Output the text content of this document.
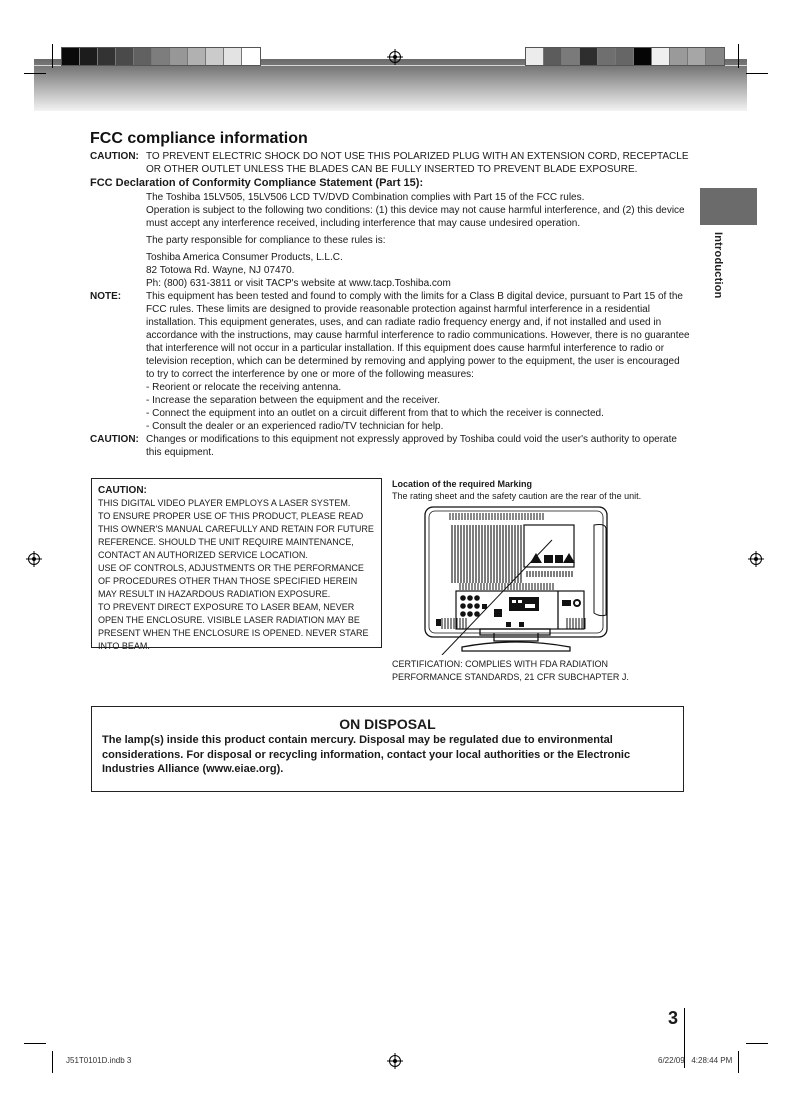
Introduction
FCC compliance information
CAUTION: TO PREVENT ELECTRIC SHOCK DO NOT USE THIS POLARIZED PLUG WITH AN EXTENSION CORD, RECEPTACLE OR OTHER OUTLET UNLESS THE BLADES CAN BE FULLY INSERTED TO PREVENT BLADE EXPOSURE.
FCC Declaration of Conformity Compliance Statement (Part 15):

The Toshiba 15LV505, 15LV506 LCD TV/DVD Combination complies with Part 15 of the FCC rules.

Operation is subject to the following two conditions: (1) this device may not cause harmful interference, and (2) this device must accept any interference received, including interference that may cause undesired operation.

The party responsible for compliance to these rules is:

Toshiba America Consumer Products, L.L.C.

82 Totowa Rd. Wayne, NJ 07470.

Ph: (800) 631-3811 or visit TACP's website at www.tacp.Toshiba.com

NOTE:	This equipment has been tested and found to comply with the limits for a Class B digital device, pursuant to Part 15 of the FCC rules. These limits are designed to provide reasonable protection against harmful interference in a residential installation. This equipment generates, uses, and can radiate radio frequency energy and, if not installed and used in accordance with the instructions, may cause harmful interference to radio communications. However, there is no guarantee that interference will not occur in a particular installation. If this equipment does cause harmful interference to radio or television reception, which can be determined by removing and applying power to the equipment, the user is encouraged to try to correct the interference by one or more of the following measures:
- Reorient or relocate the receiving antenna.
- Increase the separation between the equipment and the receiver.
- Connect the equipment into an outlet on a circuit different from that to which the receiver is connected.
- Consult the dealer or an experienced radio/TV technician for help.
CAUTION: Changes or modifications to this equipment not expressly approved by Toshiba could void the user's authority to operate this equipment.
CAUTION:

THIS DIGITAL VIDEO PLAYER EMPLOYS A LASER SYSTEM.

TO ENSURE PROPER USE OF THIS PRODUCT, PLEASE READ THIS OWNER'S MANUAL CAREFULLY AND RETAIN FOR FUTURE REFERENCE. SHOULD THE UNIT REQUIRE MAINTENANCE, CONTACT AN AUTHORIZED SERVICE LOCATION.

USE OF CONTROLS, ADJUSTMENTS OR THE PERFORMANCE OF PROCEDURES OTHER THAN THOSE SPECIFIED HEREIN MAY RESULT IN HAZARDOUS RADIATION EXPOSURE.

TO PREVENT DIRECT EXPOSURE TO LASER BEAM, NEVER OPEN THE ENCLOSURE. VISIBLE LASER RADIATION MAY BE PRESENT WHEN THE ENCLOSURE IS OPENED. NEVER STARE INTO BEAM.

Location of the required Marking
The rating sheet and the safety caution are the rear of the unit.
CERTIFICATION: COMPLIES WITH FDA RADIATION
PERFORMANCE STANDARDS, 21 CFR SUBCHAPTER J.
ON DISPOSAL
The lamp(s) inside this product contain mercury. Disposal may be regulated due to environmental considerations. For disposal or recycling information, contact your local authorities or the Electronic Industries Alliance (www.eiae.org).
3
J51T0101D.indb 3	6/22/09   4:28:44 PM
